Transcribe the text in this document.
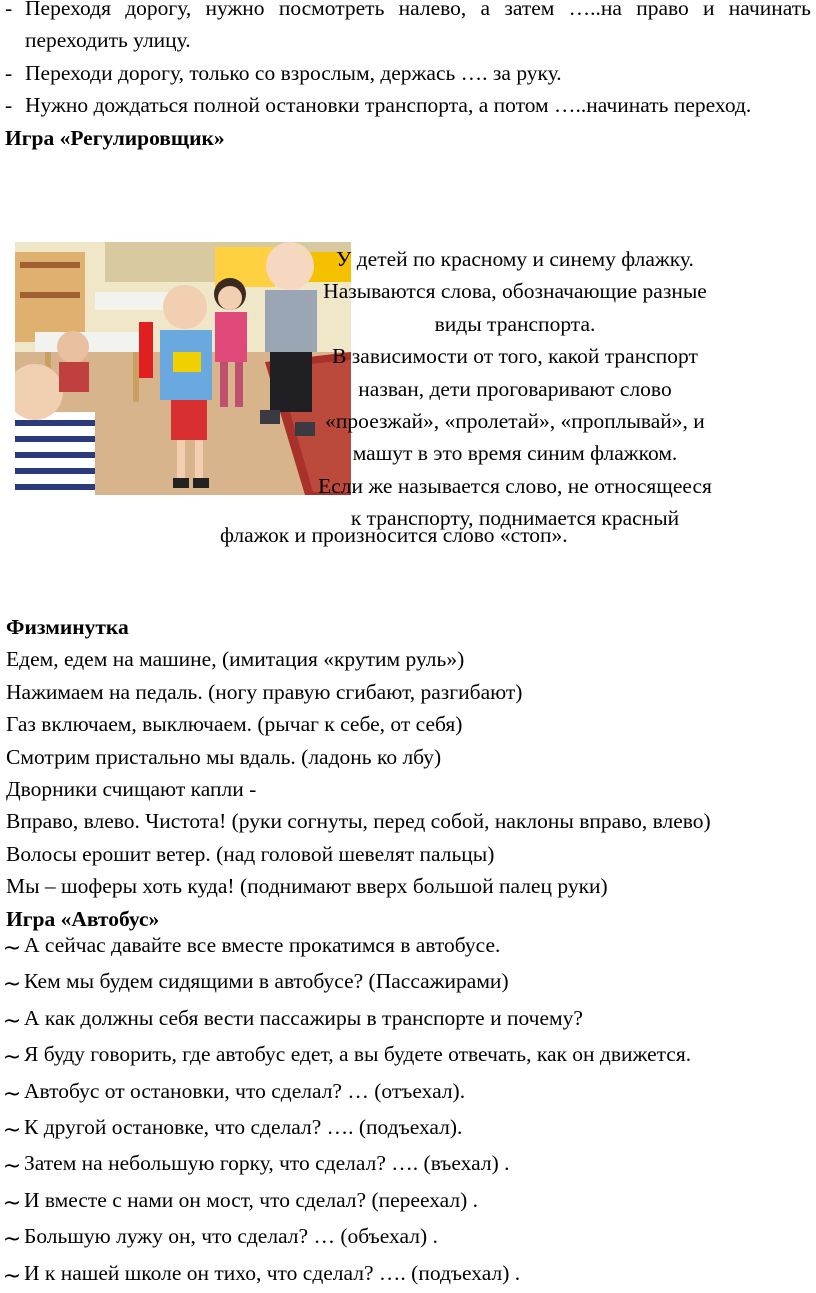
- Переходя дорогу, нужно посмотреть налево, а затем …..на право и начинать переходить улицу.
- Переходи дорогу, только со взрослым, держась …. за руку.
- Нужно дождаться полной остановки транспорта, а потом …..начинать переход.
Игра «Регулировщик»
У детей по красному и синему флажку.
Называются слова, обозначающие разные
виды транспорта.
В зависимости от того, какой транспорт
назван, дети проговаривают слово
«проезжай», «пролетай», «проплывай», и
машут в это время синим флажком.
Если же называется слово, не относящееся
к транспорту, поднимается красный
флажок и произносится слово «стоп».
Физминутка
Едем, едем на машине, (имитация «крутим руль»)
Нажимаем на педаль. (ногу правую сгибают, разгибают)
Газ включаем, выключаем. (рычаг к себе, от себя)
Смотрим пристально мы вдаль. (ладонь ко лбу)
Дворники счищают капли -
Вправо, влево. Чистота! (руки согнуты, перед собой, наклоны вправо, влево)
Волосы ерошит ветер. (над головой шевелят пальцы)
Мы – шоферы хоть куда! (поднимают вверх большой палец руки)
Игра «Автобус»
~ А сейчас давайте все вместе прокатимся в автобусе.
~ Кем мы будем сидящими в автобусе? (Пассажирами)
~ А как должны себя вести пассажиры в транспорте и почему?
~ Я буду говорить, где автобус едет, а вы будете отвечать, как он движется.
~ Автобус от остановки, что сделал? … (отъехал).
~ К другой остановке, что сделал? …. (подъехал).
~ Затем на небольшую горку, что сделал? …. (въехал) .
~ И вместе с нами он мост, что сделал? (переехал) .
~ Большую лужу он, что сделал? … (объехал) .
~ И к нашей школе он тихо, что сделал? …. (подъехал) .
